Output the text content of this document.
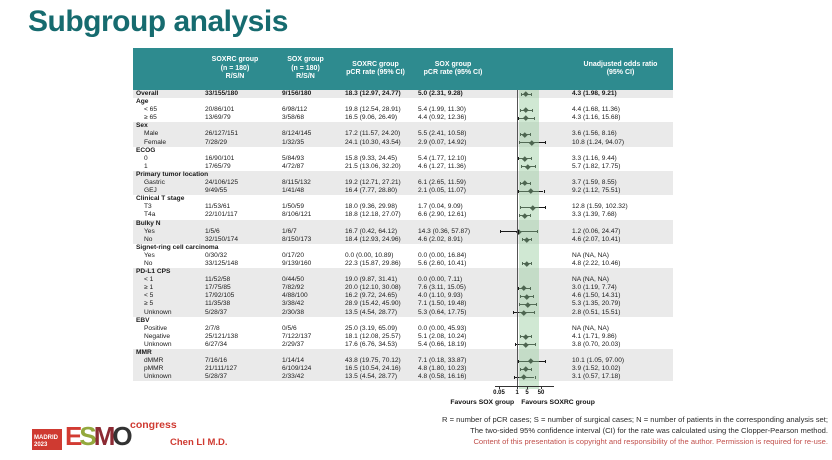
Subgroup analysis
SOXRC group
(n = 180)
R/S/N
SOX group
(n = 180)
R/S/N
SOXRC group
pCR rate (95% CI)
SOX group
pCR rate (95% CI)
Unadjusted odds ratio
(95% CI)
Overall	33/155/180	9/156/180	18.3 (12.97, 24.77)	5.0 (2.31, 9.28)	4.3 (1.98, 9.21)
Age
< 65	20/86/101	6/98/112	19.8 (12.54, 28.91)	5.4 (1.99, 11.30)	4.4 (1.68, 11.36)
≥ 65	13/69/79	3/58/68	16.5 (9.06, 26.49)	4.4 (0.92, 12.36)	4.3 (1.16, 15.68)
Sex
Male	26/127/151	8/124/145	17.2 (11.57, 24.20)	5.5 (2.41, 10.58)	3.6 (1.56, 8.16)
Female	7/28/29	1/32/35	24.1 (10.30, 43.54)	2.9 (0.07, 14.92)	10.8 (1.24, 94.07)
ECOG
0	16/90/101	5/84/93	15.8 (9.33, 24.45)	5.4 (1.77, 12.10)	3.3 (1.16, 9.44)
1	17/65/79	4/72/87	21.5 (13.06, 32.20)	4.6 (1.27, 11.36)	5.7 (1.82, 17.75)
Primary tumor location
Gastric	24/106/125	8/115/132	19.2 (12.71, 27.21)	6.1 (2.65, 11.59)	3.7 (1.59, 8.55)
GEJ	9/49/55	1/41/48	16.4 (7.77, 28.80)	2.1 (0.05, 11.07)	9.2 (1.12, 75.51)
Clinical T stage
T3	11/53/61	1/50/59	18.0 (9.36, 29.98)	1.7 (0.04, 9.09)	12.8 (1.59, 102.32)
T4a	22/101/117	8/106/121	18.8 (12.18, 27.07)	6.6 (2.90, 12.61)	3.3 (1.39, 7.68)
Bulky N
Yes	1/5/6	1/6/7	16.7 (0.42, 64.12)	14.3 (0.36, 57.87)	1.2 (0.06, 24.47)
No	32/150/174	8/150/173	18.4 (12.93, 24.96)	4.6 (2.02, 8.91)	4.6 (2.07, 10.41)
Signet-ring cell carcinoma
Yes	0/30/32	0/17/20	0.0 (0.00, 10.89)	0.0 (0.00, 16.84)	NA (NA, NA)
No	33/125/148	9/139/160	22.3 (15.87, 29.86)	5.6 (2.60, 10.41)	4.8 (2.22, 10.46)
PD-L1 CPS
< 1	11/52/58	0/44/50	19.0 (9.87, 31.41)	0.0 (0.00, 7.11)	NA (NA, NA)
≥ 1	17/75/85	7/82/92	20.0 (12.10, 30.08)	7.6 (3.11, 15.05)	3.0 (1.19, 7.74)
< 5	17/92/105	4/88/100	16.2 (9.72, 24.65)	4.0 (1.10, 9.93)	4.6 (1.50, 14.31)
≥ 5	11/35/38	3/38/42	28.9 (15.42, 45.90)	7.1 (1.50, 19.48)	5.3 (1.35, 20.79)
Unknown	5/28/37	2/30/38	13.5 (4.54, 28.77)	5.3 (0.64, 17.75)	2.8 (0.51, 15.51)
EBV
Positive	2/7/8	0/5/6	25.0 (3.19, 65.09)	0.0 (0.00, 45.93)	NA (NA, NA)
Negative	25/121/138	7/122/137	18.1 (12.08, 25.57)	5.1 (2.08, 10.24)	4.1 (1.71, 9.86)
Unknown	6/27/34	2/29/37	17.6 (6.76, 34.53)	5.4 (0.66, 18.19)	3.8 (0.70, 20.03)
MMR
dMMR	7/16/16	1/14/14	43.8 (19.75, 70.12)	7.1 (0.18, 33.87)	10.1 (1.05, 97.00)
pMMR	21/111/127	6/109/124	16.5 (10.54, 24.16)	4.8 (1.80, 10.23)	3.9 (1.52, 10.02)
Unknown	5/28/37	2/33/42	13.5 (4.54, 28.77)	4.8 (0.58, 16.16)	3.1 (0.57, 17.18)
0.05	1	5	50
Favours SOX group Favours SOXRC group
R = number of pCR cases; S = number of surgical cases; N = number of patients in the corresponding analysis set;
The two-sided 95% confidence interval (CI) for the rate was calculated using the Clopper-Pearson method.
Content of this presentation is copyright and responsibility of the author. Permission is required for re-use.
MADRID
2023 ESMO congress
Chen LI M.D.
